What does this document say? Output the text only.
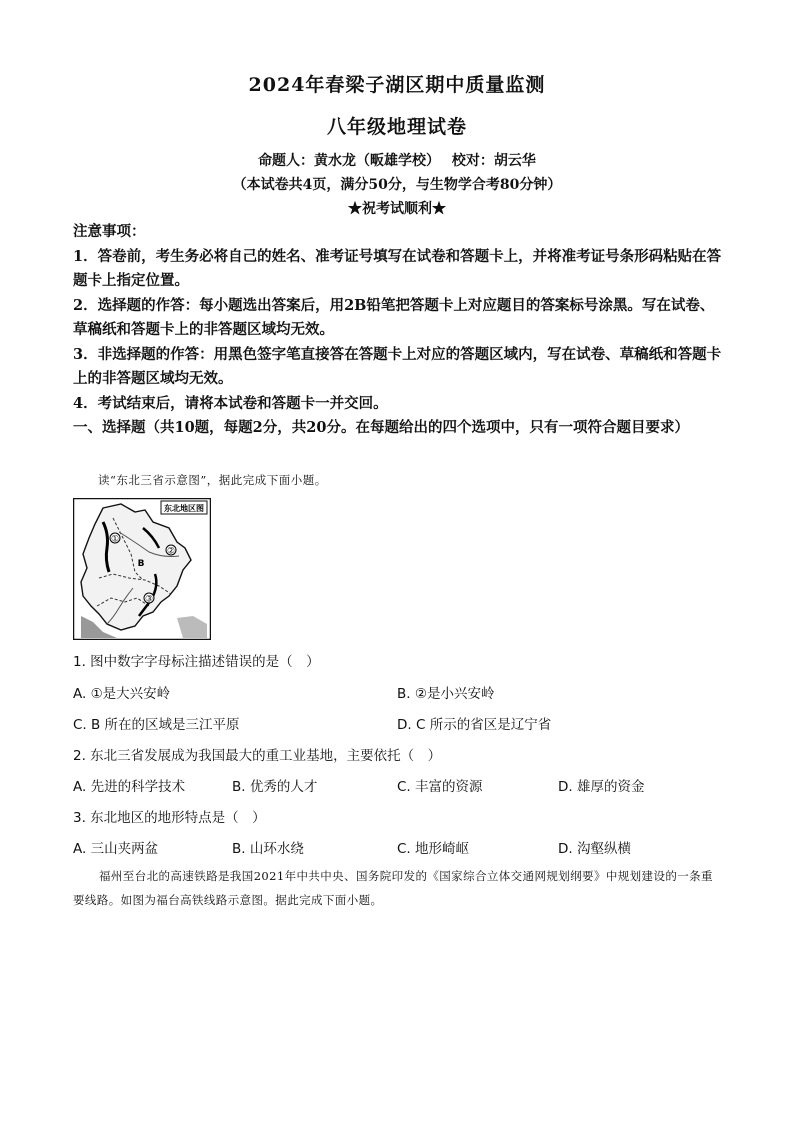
2024年春梁子湖区期中质量监测
八年级地理试卷
命题人：黄水龙（畈雄学校）　 校对：胡云华
（本试卷共4页，满分50分，与生物学合考80分钟）
★祝考试顺利★

注意事项：

1．答卷前，考生务必将自己的姓名、准考证号填写在试卷和答题卡上，并将准考证号条形码粘贴在答题卡上指定位置。

2．选择题的作答：每小题选出答案后，用2B铅笔把答题卡上对应题目的答案标号涂黑。写在试卷、草稿纸和答题卡上的非答题区域均无效。

3．非选择题的作答：用黑色签字笔直接答在答题卡上对应的答题区域内，写在试卷、草稿纸和答题卡上的非答题区域均无效。

4．考试结束后，请将本试卷和答题卡一并交回。

一、选择题（共10题，每题2分，共20分。在每题给出的四个选项中，只有一项符合题目要求）

读“东北三省示意图”，据此完成下面小题。
东北地区图
①
②
B
③
1. 图中数字字母标注描述错误的是（　）
A. ①是大兴安岭	B. ②是小兴安岭
C. B 所在的区域是三江平原	D. C 所示的省区是辽宁省
2. 东北三省发展成为我国最大的重工业基地，主要依托（　）
A. 先进的科学技术	B. 优秀的人才	C. 丰富的资源	D. 雄厚的资金
3. 东北地区的地形特点是（　）
A. 三山夹两盆	B. 山环水绕	C. 地形崎岖	D. 沟壑纵横
福州至台北的高速铁路是我国2021年中共中央、国务院印发的《国家综合立体交通网规划纲要》中规划建设的一条重要线路。如图为福台高铁线路示意图。据此完成下面小题。
